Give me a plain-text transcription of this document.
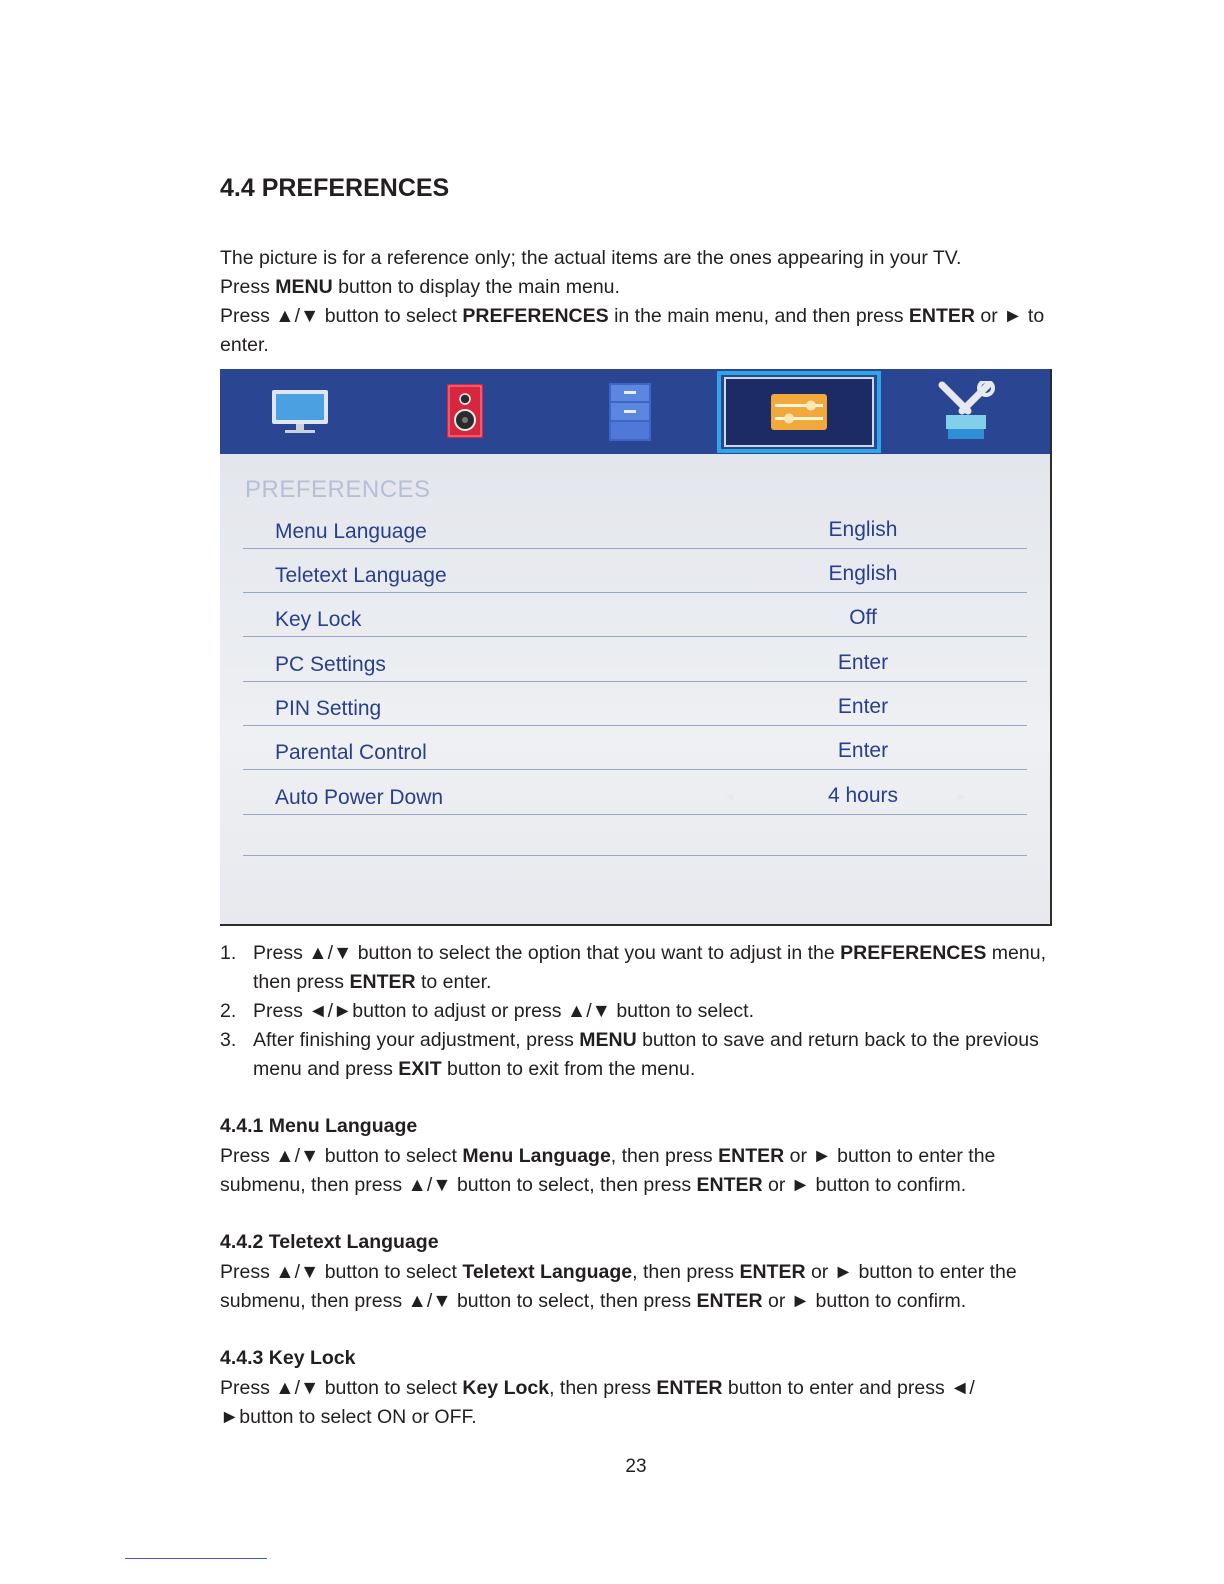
4.4 PREFERENCES

The picture is for a reference only; the actual items are the ones appearing in your TV.
Press MENU button to display the main menu.
Press ▲/▼ button to select PREFERENCES in the main menu, and then press ENTER or ► to enter.

PREFERENCES

Menu Language	English
Teletext Language	English
Key Lock	Off
PC Settings	Enter
PIN Setting	Enter
Parental Control	Enter
Auto Power Down	◄	4 hours	►
1. Press ▲/▼ button to select the option that you want to adjust in the PREFERENCES menu, then press ENTER to enter.
2. Press ◄/►button to adjust or press ▲/▼ button to select.
3. After finishing your adjustment, press MENU button to save and return back to the previous menu and press EXIT button to exit from the menu.
4.4.1 Menu Language

Press ▲/▼ button to select Menu Language, then press ENTER or ► button to enter the submenu, then press ▲/▼ button to select, then press ENTER or ► button to confirm.

4.4.2 Teletext Language

Press ▲/▼ button to select Teletext Language, then press ENTER or ► button to enter the submenu, then press ▲/▼ button to select, then press ENTER or ► button to confirm.

4.4.3 Key Lock

Press ▲/▼ button to select Key Lock, then press ENTER button to enter and press ◄/►button to select ON or OFF.

23
